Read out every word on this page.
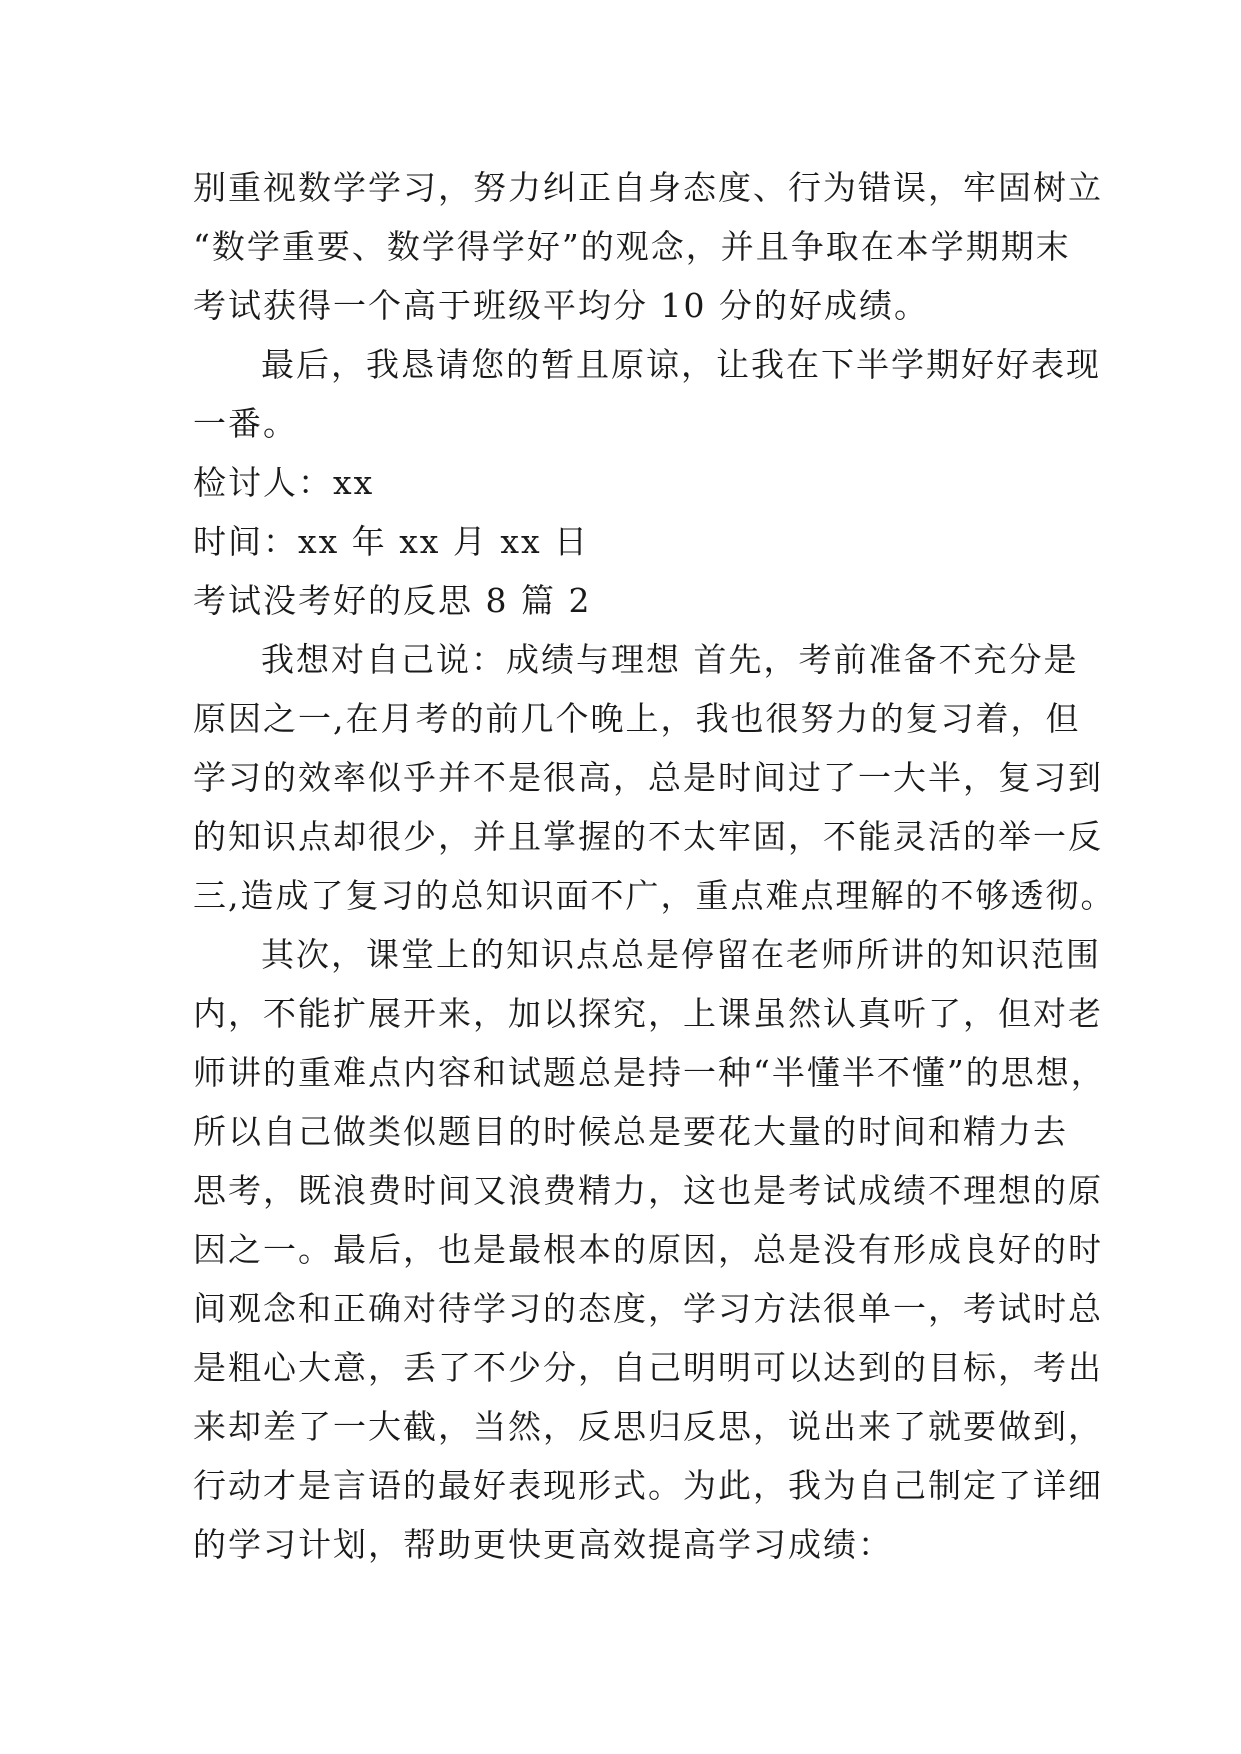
别重视数学学习，努力纠正自身态度、行为错误，牢固树立
“数学重要、数学得学好”的观念，并且争取在本学期期末
考试获得一个高于班级平均分 10 分的好成绩。
最后，我恳请您的暂且原谅，让我在下半学期好好表现
一番。
检讨人：xx
时间：xx 年 xx 月 xx 日
考试没考好的反思 8 篇 2
我想对自己说：成绩与理想 首先，考前准备不充分是
原因之一,在月考的前几个晚上，我也很努力的复习着，但
学习的效率似乎并不是很高，总是时间过了一大半，复习到
的知识点却很少，并且掌握的不太牢固，不能灵活的举一反
三,造成了复习的总知识面不广，重点难点理解的不够透彻。
其次，课堂上的知识点总是停留在老师所讲的知识范围
内，不能扩展开来，加以探究，上课虽然认真听了，但对老
师讲的重难点内容和试题总是持一种“半懂半不懂”的思想，
所以自己做类似题目的时候总是要花大量的时间和精力去
思考，既浪费时间又浪费精力，这也是考试成绩不理想的原
因之一。最后，也是最根本的原因，总是没有形成良好的时
间观念和正确对待学习的态度，学习方法很单一，考试时总
是粗心大意，丢了不少分，自己明明可以达到的目标，考出
来却差了一大截，当然，反思归反思，说出来了就要做到，
行动才是言语的最好表现形式。为此，我为自己制定了详细
的学习计划，帮助更快更高效提高学习成绩：
